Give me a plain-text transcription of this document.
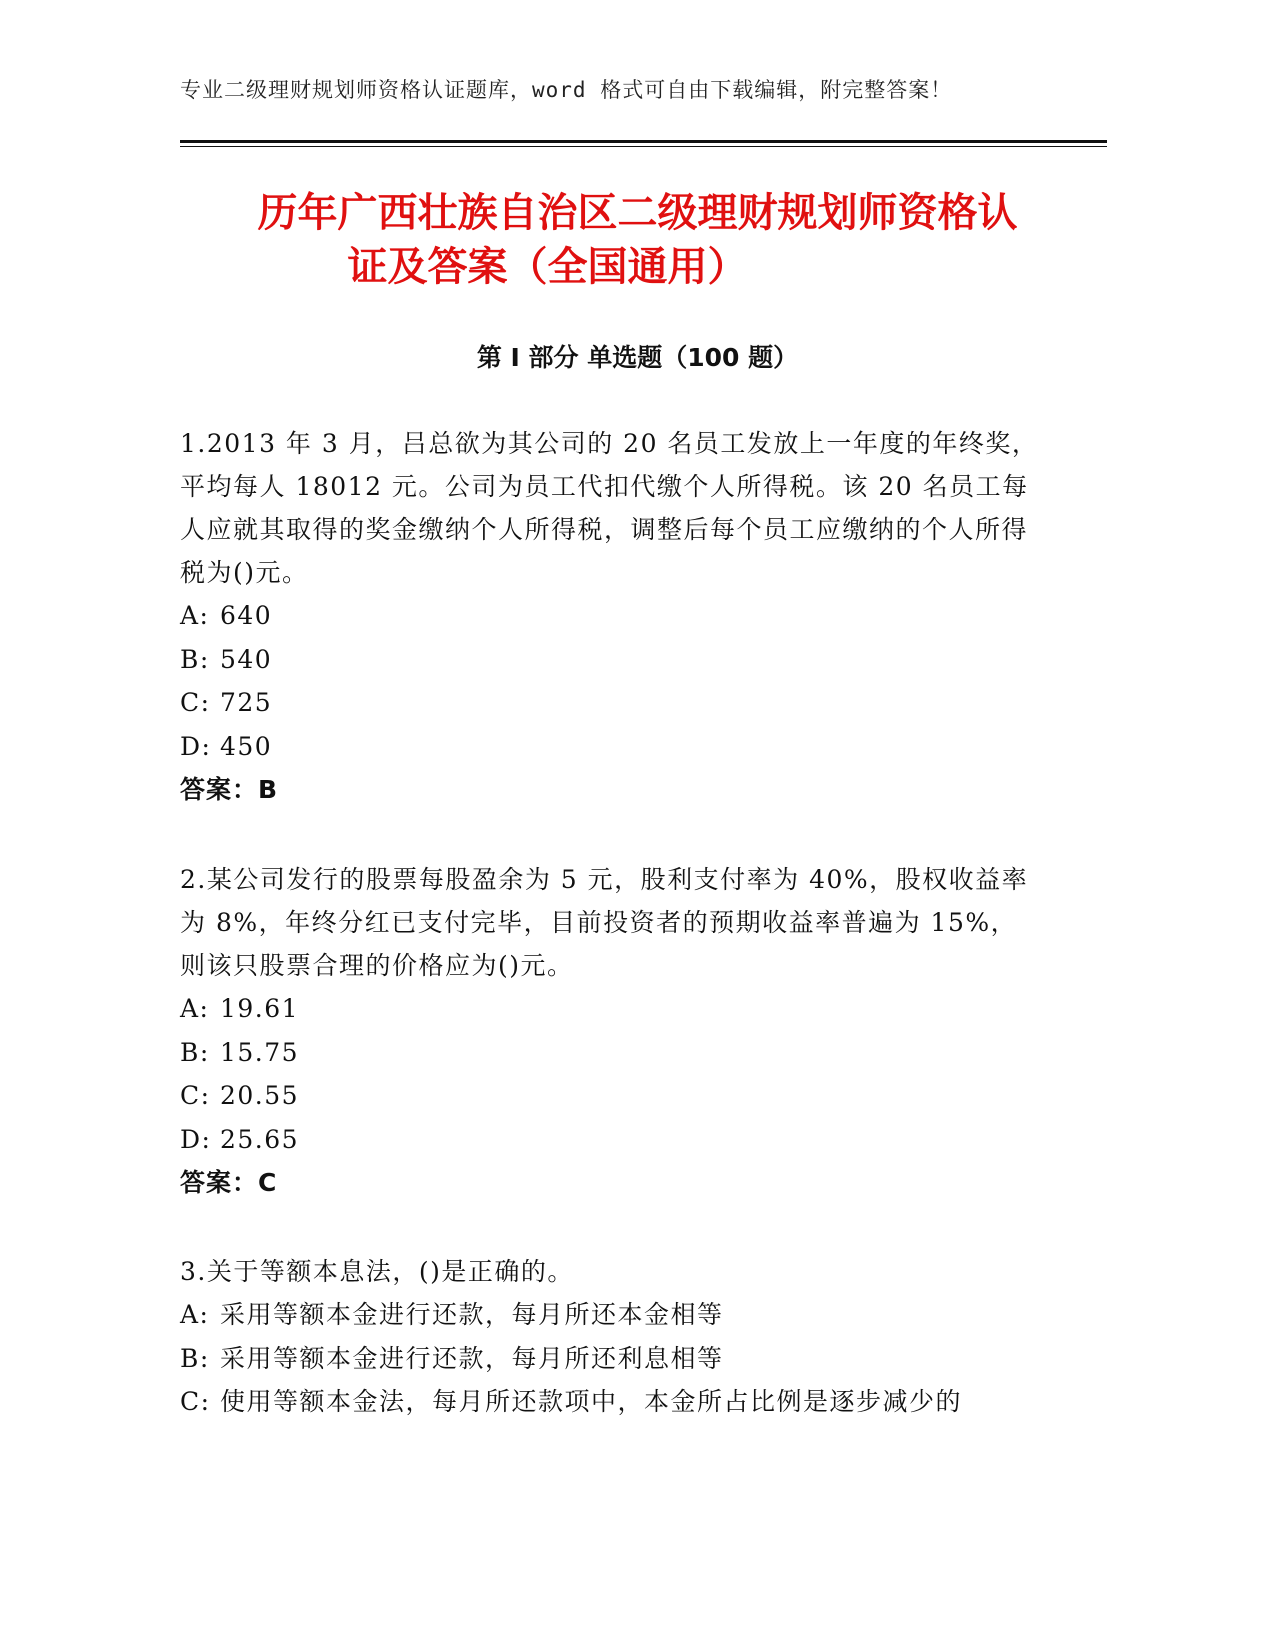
专业二级理财规划师资格认证题库，word 格式可自由下载编辑，附完整答案！
历年广西壮族自治区二级理财规划师资格认
证及答案（全国通用）
第 I 部分 单选题（100 题）

1.2013 年 3 月，吕总欲为其公司的 20 名员工发放上一年度的年终奖，平均每人 18012 元。公司为员工代扣代缴个人所得税。该 20 名员工每人应就其取得的奖金缴纳个人所得税，调整后每个员工应缴纳的个人所得税为()元。

A: 640
B: 540
C: 725
D: 450
答案：B

2.某公司发行的股票每股盈余为 5 元，股利支付率为 40%，股权收益率为 8%，年终分红已支付完毕，目前投资者的预期收益率普遍为 15%，则该只股票合理的价格应为()元。

A: 19.61
B: 15.75
C: 20.55
D: 25.65
答案：C

3.关于等额本息法，()是正确的。

A: 采用等额本金进行还款，每月所还本金相等
B: 采用等额本金进行还款，每月所还利息相等
C: 使用等额本金法，每月所还款项中，本金所占比例是逐步减少的
